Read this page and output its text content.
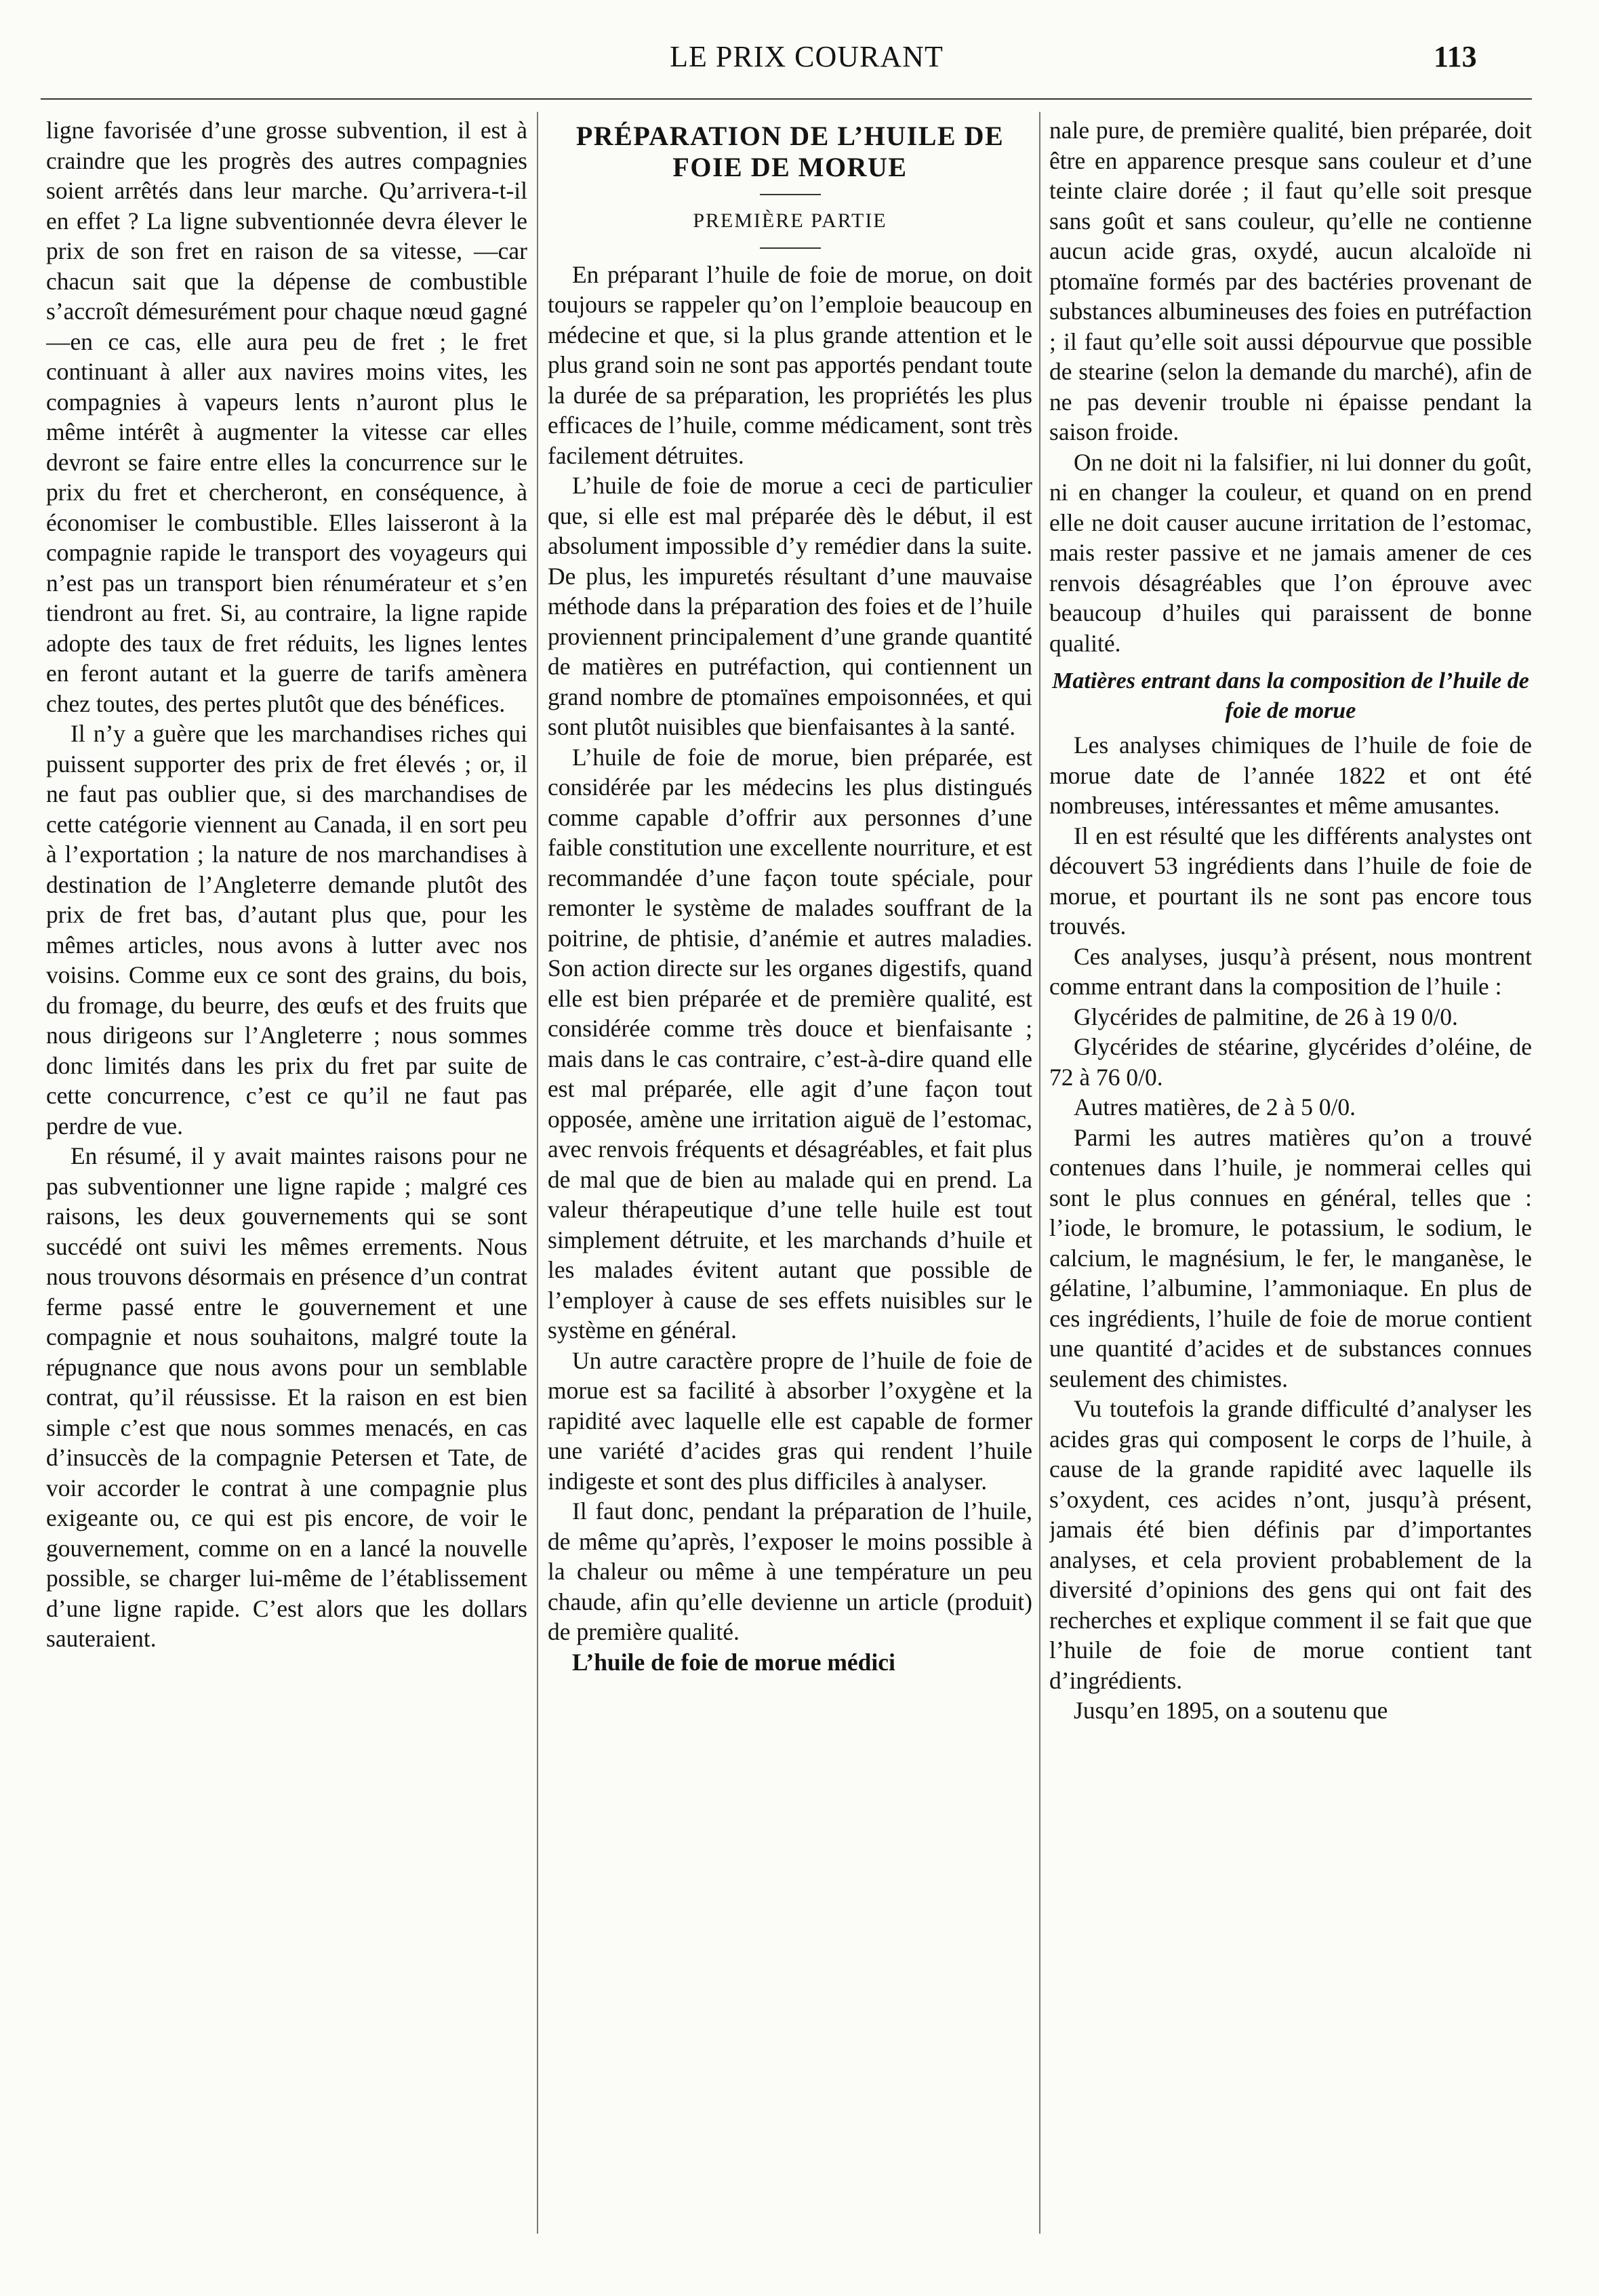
LE PRIX COURANT	113

ligne favorisée d’une grosse subvention, il est à craindre que les progrès des autres compagnies soient arrêtés dans leur marche. Qu’arrivera-t-il en effet ? La ligne subventionnée devra élever le prix de son fret en raison de sa vitesse, —car chacun sait que la dépense de combustible s’accroît démesurément pour chaque nœud gagné—en ce cas, elle aura peu de fret ; le fret continuant à aller aux navires moins vites, les compagnies à vapeurs lents n’auront plus le même intérêt à augmenter la vitesse car elles devront se faire entre elles la concurrence sur le prix du fret et chercheront, en conséquence, à économiser le combustible. Elles laisseront à la compagnie rapide le transport des voyageurs qui n’est pas un transport bien rénumérateur et s’en tiendront au fret. Si, au contraire, la ligne rapide adopte des taux de fret réduits, les lignes lentes en feront autant et la guerre de tarifs amènera chez toutes, des pertes plutôt que des bénéfices.

Il n’y a guère que les marchandises riches qui puissent supporter des prix de fret élevés ; or, il ne faut pas oublier que, si des marchandises de cette catégorie viennent au Canada, il en sort peu à l’exportation ; la nature de nos marchandises à destination de l’Angleterre demande plutôt des prix de fret bas, d’autant plus que, pour les mêmes articles, nous avons à lutter avec nos voisins. Comme eux ce sont des grains, du bois, du fromage, du beurre, des œufs et des fruits que nous dirigeons sur l’Angleterre ; nous sommes donc limités dans les prix du fret par suite de cette concurrence, c’est ce qu’il ne faut pas perdre de vue.

En résumé, il y avait maintes raisons pour ne pas subventionner une ligne rapide ; malgré ces raisons, les deux gouvernements qui se sont succédé ont suivi les mêmes errements. Nous nous trouvons désormais en présence d’un contrat ferme passé entre le gouvernement et une compagnie et nous souhaitons, malgré toute la répugnance que nous avons pour un semblable contrat, qu’il réussisse. Et la raison en est bien simple c’est que nous sommes menacés, en cas d’insuccès de la compagnie Petersen et Tate, de voir accorder le contrat à une compagnie plus exigeante ou, ce qui est pis encore, de voir le gouvernement, comme on en a lancé la nouvelle possible, se charger lui-même de l’établissement d’une ligne rapide. C’est alors que les dollars sauteraient.

PRÉPARATION DE L’HUILE DE FOIE DE MORUE
PREMIÈRE PARTIE

En préparant l’huile de foie de morue, on doit toujours se rappeler qu’on l’emploie beaucoup en médecine et que, si la plus grande attention et le plus grand soin ne sont pas apportés pendant toute la durée de sa préparation, les propriétés les plus efficaces de l’huile, comme médicament, sont très facilement détruites.

L’huile de foie de morue a ceci de particulier que, si elle est mal préparée dès le début, il est absolument impossible d’y remédier dans la suite. De plus, les impuretés résultant d’une mauvaise méthode dans la préparation des foies et de l’huile proviennent principalement d’une grande quantité de matières en putréfaction, qui contiennent un grand nombre de ptomaïnes empoisonnées, et qui sont plutôt nuisibles que bienfaisantes à la santé.

L’huile de foie de morue, bien préparée, est considérée par les médecins les plus distingués comme capable d’offrir aux personnes d’une faible constitution une excellente nourriture, et est recommandée d’une façon toute spéciale, pour remonter le système de malades souffrant de la poitrine, de phtisie, d’anémie et autres maladies. Son action directe sur les organes digestifs, quand elle est bien préparée et de première qualité, est considérée comme très douce et bienfaisante ; mais dans le cas contraire, c’est-à-dire quand elle est mal préparée, elle agit d’une façon tout opposée, amène une irritation aiguë de l’estomac, avec renvois fréquents et désagréables, et fait plus de mal que de bien au malade qui en prend. La valeur thérapeutique d’une telle huile est tout simplement détruite, et les marchands d’huile et les malades évitent autant que possible de l’employer à cause de ses effets nuisibles sur le système en général.

Un autre caractère propre de l’huile de foie de morue est sa facilité à absorber l’oxygène et la rapidité avec laquelle elle est capable de former une variété d’acides gras qui rendent l’huile indigeste et sont des plus difficiles à analyser.

Il faut donc, pendant la préparation de l’huile, de même qu’après, l’exposer le moins possible à la chaleur ou même à une température un peu chaude, afin qu’elle devienne un article (produit) de première qualité.

L’huile de foie de morue médici

nale pure, de première qualité, bien préparée, doit être en apparence presque sans couleur et d’une teinte claire dorée ; il faut qu’elle soit presque sans goût et sans couleur, qu’elle ne contienne aucun acide gras, oxydé, aucun alcaloïde ni ptomaïne formés par des bactéries provenant de substances albumineuses des foies en putréfaction ; il faut qu’elle soit aussi dépourvue que possible de stearine (selon la demande du marché), afin de ne pas devenir trouble ni épaisse pendant la saison froide.

On ne doit ni la falsifier, ni lui donner du goût, ni en changer la couleur, et quand on en prend elle ne doit causer aucune irritation de l’estomac, mais rester passive et ne jamais amener de ces renvois désagréables que l’on éprouve avec beaucoup d’huiles qui paraissent de bonne qualité.

Matières entrant dans la composition de l’huile de foie de morue

Les analyses chimiques de l’huile de foie de morue date de l’année 1822 et ont été nombreuses, intéressantes et même amusantes.

Il en est résulté que les différents analystes ont découvert 53 ingrédients dans l’huile de foie de morue, et pourtant ils ne sont pas encore tous trouvés.

Ces analyses, jusqu’à présent, nous montrent comme entrant dans la composition de l’huile :

Glycérides de palmitine, de 26 à 19 0/0.

Glycérides de stéarine, glycérides d’oléine, de 72 à 76 0/0.

Autres matières, de 2 à 5 0/0.

Parmi les autres matières qu’on a trouvé contenues dans l’huile, je nommerai celles qui sont le plus connues en général, telles que : l’iode, le bromure, le potassium, le sodium, le calcium, le magnésium, le fer, le manganèse, le gélatine, l’albumine, l’ammoniaque. En plus de ces ingrédients, l’huile de foie de morue contient une quantité d’acides et de substances connues seulement des chimistes.

Vu toutefois la grande difficulté d’analyser les acides gras qui composent le corps de l’huile, à cause de la grande rapidité avec laquelle ils s’oxydent, ces acides n’ont, jusqu’à présent, jamais été bien définis par d’importantes analyses, et cela provient probablement de la diversité d’opinions des gens qui ont fait des recherches et explique comment il se fait que que l’huile de foie de morue contient tant d’ingrédients.

Jusqu’en 1895, on a soutenu que
